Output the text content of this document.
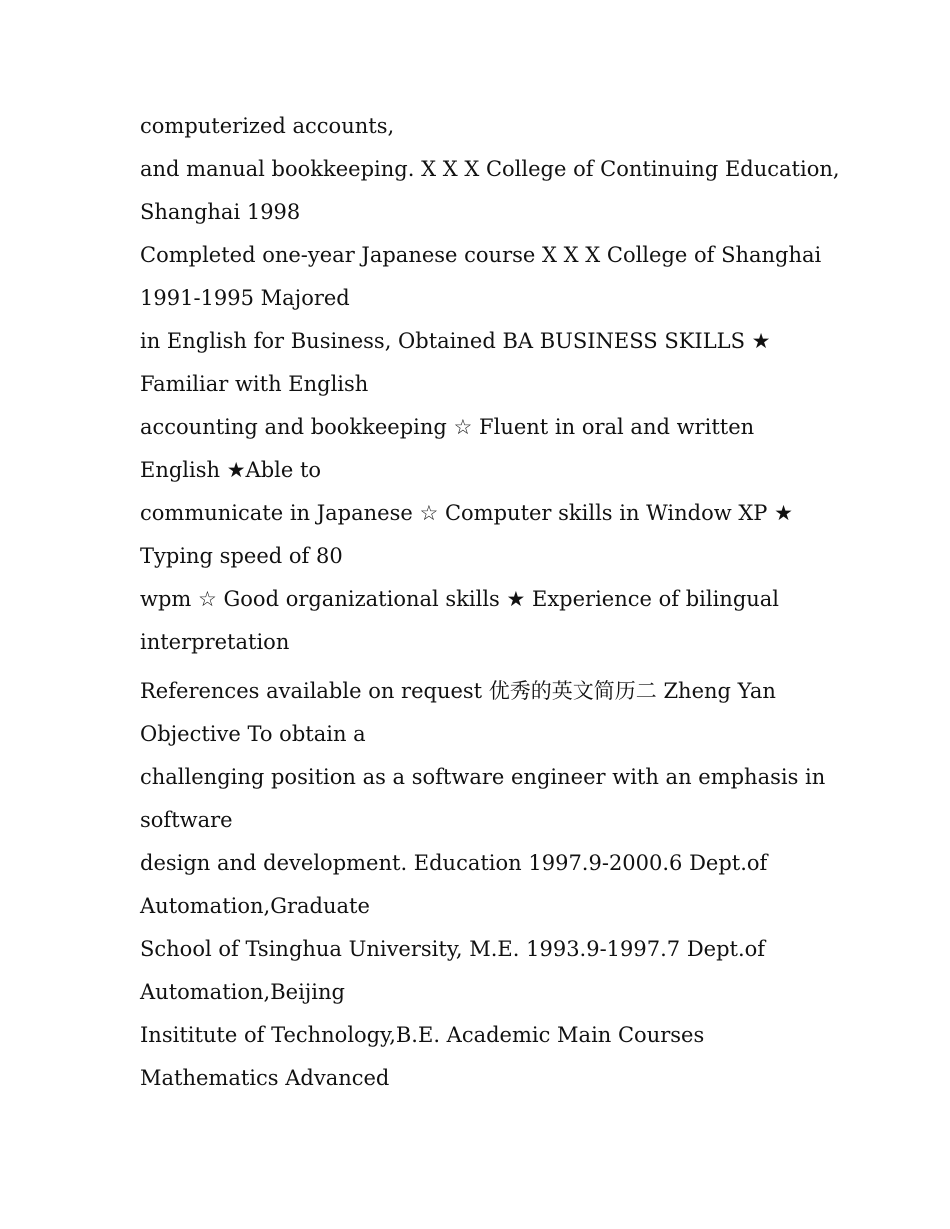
computerized accounts,
and manual bookkeeping. X X X College of Continuing Education,
Shanghai 1998
Completed one-year Japanese course X X X College of Shanghai
1991-1995 Majored
in English for Business, Obtained BA BUSINESS SKILLS ★
Familiar with English
accounting and bookkeeping ☆ Fluent in oral and written
English ★Able to
communicate in Japanese ☆ Computer skills in Window XP ★
Typing speed of 80
wpm ☆ Good organizational skills ★ Experience of bilingual
interpretation
References available on request 优秀的英文简历二 Zheng Yan
Objective To obtain a
challenging position as a software engineer with an emphasis in
software
design and development. Education 1997.9-2000.6 Dept.of
Automation,Graduate
School of Tsinghua University, M.E. 1993.9-1997.7 Dept.of
Automation,Beijing
Insititute of Technology,B.E. Academic Main Courses
Mathematics Advanced
